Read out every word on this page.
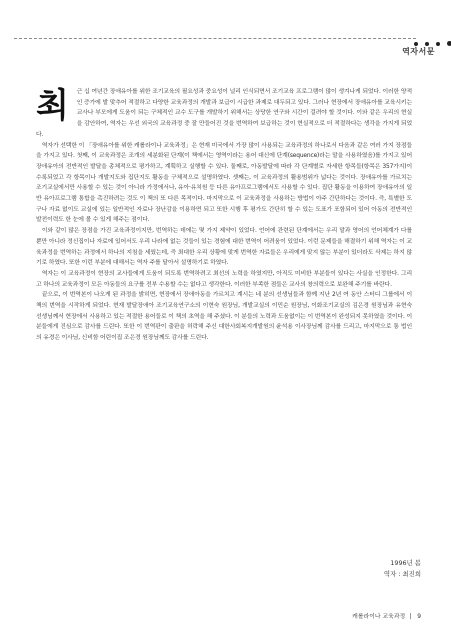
역자서문

최 근 십 여년간 장애유아를 위한 조기교육의 필요성과 중요성이 널리 인식되면서 조기교육 프로그램이 많이 생겨나게 되었다. 이러한 양적인 증가에 발 맞추어 적절하고 다양한 교육과정의 개발과 보급이 시급한 과제로 대두되고 있다. 그러나 현장에서 장애유아를 교육시키는 교사나 부모에게 도움이 되는 구체적인 교수 도구를 개발하기 위해서는 상당한 연구와 시간이 걸려야 할 것이다. 이와 같은 우리의 현실을 감안하여, 역자는 우선 외국의 교육과정 중 잘 만들어진 것을 번역하여 보급하는 것이 현실적으로 더 적절하다는 생각을 가지게 되었다.

역자가 선택한 이 「장애유아를 위한 캐롤라이나 교육과정」은 현재 미국에서 가장 많이 사용되는 교육과정의 하나로서 다음과 같은 여러 가지 장점들을 가지고 있다. 첫째, 이 교육과정은 조개의 세분화된 단계(이 책에서는 영역이라는 용어 대신에 단계(sequence)라는 말을 사용하였음)를 가지고 있어 장애유아의 전반적인 발달을 총체적으로 평가하고, 계획하고 실행할 수 있다. 둘째로, 아동발달에 따라 각 단계별로 자세한 항목들(항목은 357가지)이 수록되었고 각 항목이나 개발지도와 집단지도 활동을 구체적으로 설명하였다. 셋째는, 이 교육과정의 활용범위가 넓다는 것이다. 장애유아를 가르치는 조기교실에서만 사용할 수 있는 것이 아니라 가정에서나, 유아·유치원 등 다른 유아프로그램에서도 사용할 수 있다. 집단 활동을 이용하여 장애유아의 일반 유아프로그램 통합을 촉진하려는 것도 이 책의 또 다른 목적이다. 마지막으로 이 교육과정을 사용하는 방법이 아주 간단하다는 것이다. 즉, 특별한 도구나 자료 없이도 교실에 있는 일반적인 자료나 장난감을 이용하면 되고 또한 시행 후 평가도 간단히 할 수 있는 도표가 포함되어 있어 아동의 전반적인 발전이력도 한 눈에 볼 수 있게 해주는 점이다.

이와 같이 많은 장점을 가진 교육과정이지만, 번역하는 데에는 몇 가지 제약이 있었다. 언어에 관련된 단계에서는 우리 말과 영어의 언어체계가 다를 뿐만 아니라 정신집이나 자료에 있어서도 우리 나라에 없는 것들이 있는 경험에 대한 번역이 어려움이 있었다. 이런 문제들을 해결하기 위해 역자는 이 교육과정을 번역하는 과정에서 하나의 지침을 세웠는데, 즉 최대한 우리 상황에 맞게 번역한 자료들은 우리에게 맞지 않는 부분이 있더라도 삭제는 하지 않기로 하였다. 또한 이런 부분에 대해서는 역자 주를 달아서 설명하기로 하였다.

역자는 이 교육과정이 현장의 교사들에게 도움이 되도록 번역하려고 최선의 노력을 하였지만, 아직도 미비한 부분들이 있다는 사실을 인정한다. 그리고 하나의 교육과정이 모든 아동들의 요구를 전부 수용할 수는 없다고 생각한다. 이러한 부족한 점들은 교사의 창의력으로 보완해 주기를 바란다.

끝으로, 이 번역본이 나오게 된 과정을 밝히면, 현장에서 장애아동을 가르치고 계시는 네 분의 선생님들과 함께 지난 2년 여 동안 스터디 그룹에서 이 책의 번역을 시작하게 되었다. 현재 발달장애아 조기교육연구소의 이현숙 원장님, 개발교실의 이민순 원장님, 이화조기교실의 김은경 원장님과 유현숙 선생님께서 현장에서 사용하고 있는 적절한 용어들로 이 책의 초역을 해 주셨다. 이 분들의 노력과 도움없이는 이 번역본이 완성되지 못하였을 것이다. 이 분들에게 진심으로 감사를 드린다. 또한 이 번역판이 출판을 허락해 주신 대한사회복지개발원의 윤석용 이사장님께 감사를 드리고, 마지막으로 통 법인의 유경은 이사님, 신비함 어린이집 조은경 원장님께도 감사를 드린다.

1996년 봄
역자 : 최진희
캐롤라이나 교육과정 | 9
